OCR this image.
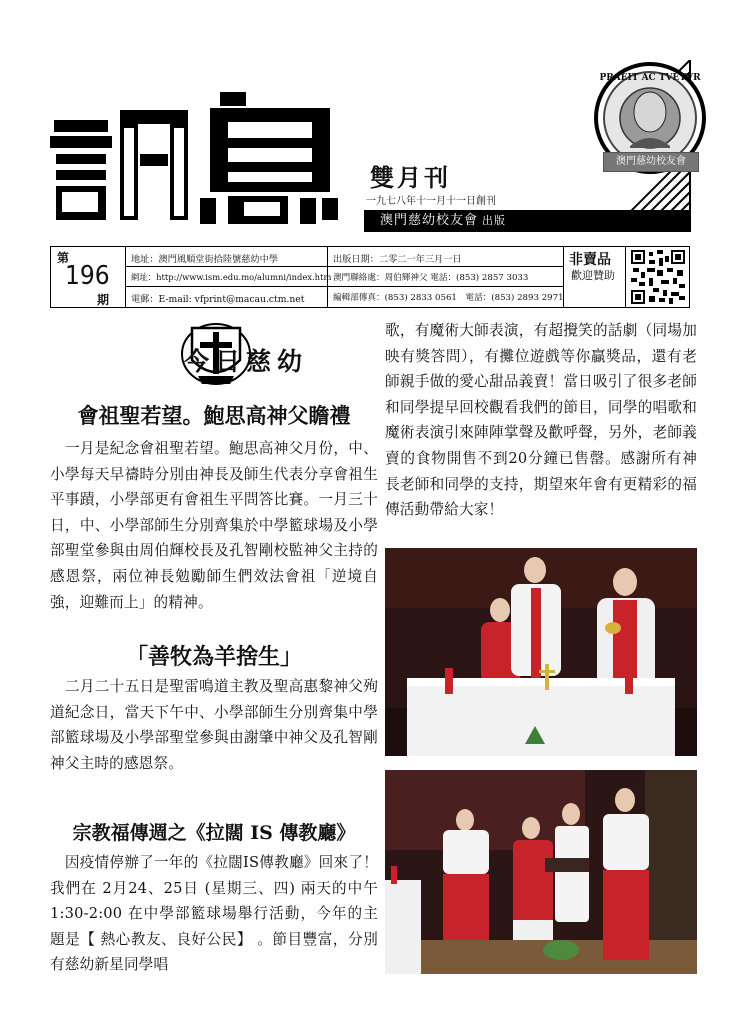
PRAEIT AC TVETVR
澳門慈幼校友會
雙月刊
一九七八年十一月十一日創刊
澳門慈幼校友會 出版
第
196
期
地址：澳門風順堂街拾陸號慈幼中學
網址：http://www.ism.edu.mo/alumni/index.htm
電郵：E-mail: vfprint@macau.ctm.net
出版日期：二零二一年三月一日
澳門聯絡處：周伯輝神父 電話：(853) 2857 3033
編輯部傳真：(853) 2833 0561　電話：(853) 2893 2971
非賣品
歡迎贊助
今日慈幼
會祖聖若望。鮑思高神父瞻禮

　一月是紀念會祖聖若望。鮑思高神父月份，中、小學每天早禱時分別由神長及師生代表分享會祖生平事蹟，小學部更有會祖生平問答比賽。一月三十日，中、小學部師生分別齊集於中學籃球場及小學部聖堂參與由周伯輝校長及孔智剛校監神父主持的感恩祭，兩位神長勉勵師生們效法會祖「逆境自強，迎難而上」的精神。

「善牧為羊捨生」

　二月二十五日是聖雷鳴道主教及聖高惠黎神父殉道紀念日，當天下午中、小學部師生分別齊集中學部籃球場及小學部聖堂參與由謝肇中神父及孔智剛神父主時的感恩祭。

宗教福傳週之《拉闊 IS 傳教廳》

　因疫情停辦了一年的《拉闊IS傳教廳》回來了！我們在 2月24、25日 (星期三、四) 兩天的中午 1:30-2:00 在中學部籃球場舉行活動，今年的主題是【 熱心教友、良好公民】 。節目豐富，分別有慈幼新星同學唱

歌，有魔術大師表演，有超攪笑的話劇（同場加映有獎答問），有攤位遊戲等你贏獎品，還有老師親手做的愛心甜品義賣！當日吸引了很多老師和同學提早回校觀看我們的節目，同學的唱歌和魔術表演引來陣陣掌聲及歡呼聲，另外，老師義賣的食物開售不到20分鐘已售罄。感謝所有神長老師和同學的支持，期望來年會有更精彩的福傳活動帶給大家！
